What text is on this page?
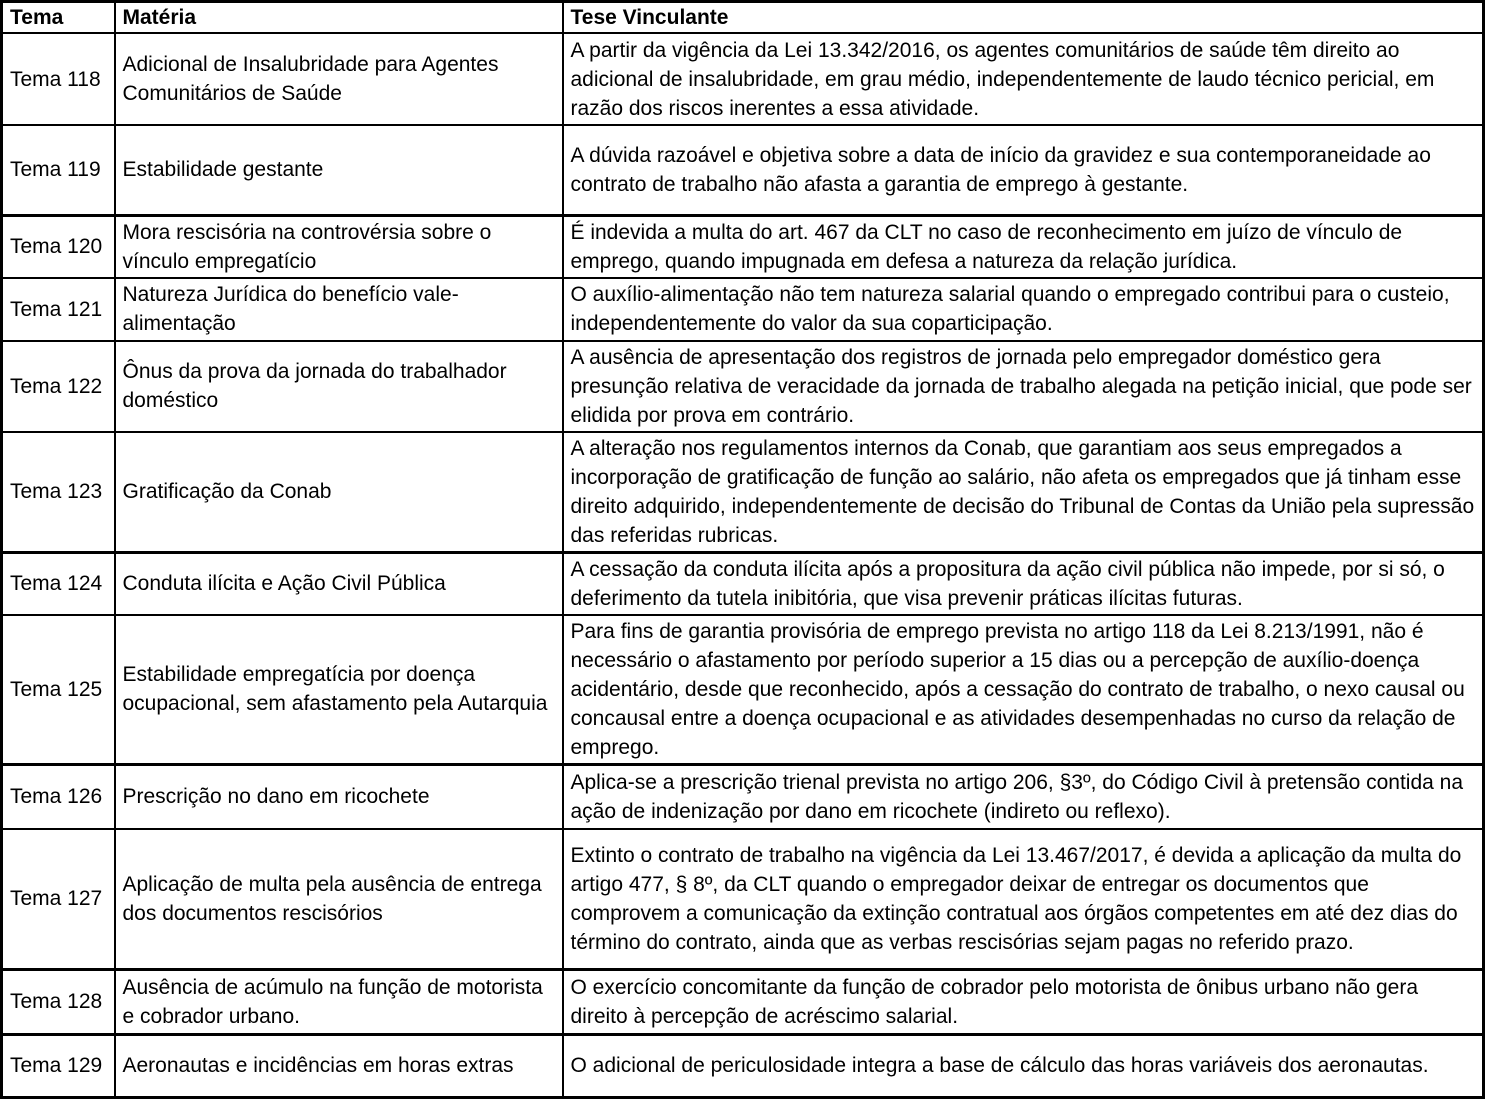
Tema	Matéria	Tese Vinculante
Tema 118	Adicional de Insalubridade para Agentes Comunitários de Saúde	A partir da vigência da Lei 13.342/2016, os agentes comunitários de saúde têm direito ao adicional de insalubridade, em grau médio, independentemente de laudo técnico pericial, em razão dos riscos inerentes a essa atividade.
Tema 119	Estabilidade gestante	A dúvida razoável e objetiva sobre a data de início da gravidez e sua contemporaneidade ao contrato de trabalho não afasta a garantia de emprego à gestante.
Tema 120	Mora rescisória na controvérsia sobre o vínculo empregatício	É indevida a multa do art. 467 da CLT no caso de reconhecimento em juízo de vínculo de emprego, quando impugnada em defesa a natureza da relação jurídica.
Tema 121	Natureza Jurídica do benefício vale-alimentação	O auxílio-alimentação não tem natureza salarial quando o empregado contribui para o custeio, independentemente do valor da sua coparticipação.
Tema 122	Ônus da prova da jornada do trabalhador doméstico	A ausência de apresentação dos registros de jornada pelo empregador doméstico gera presunção relativa de veracidade da jornada de trabalho alegada na petição inicial, que pode ser elidida por prova em contrário.
Tema 123	Gratificação da Conab	A alteração nos regulamentos internos da Conab, que garantiam aos seus empregados a incorporação de gratificação de função ao salário, não afeta os empregados que já tinham esse direito adquirido, independentemente de decisão do Tribunal de Contas da União pela supressão das referidas rubricas.
Tema 124	Conduta ilícita e Ação Civil Pública	A cessação da conduta ilícita após a propositura da ação civil pública não impede, por si só, o deferimento da tutela inibitória, que visa prevenir práticas ilícitas futuras.
Tema 125	Estabilidade empregatícia por doença ocupacional, sem afastamento pela Autarquia	Para fins de garantia provisória de emprego prevista no artigo 118 da Lei 8.213/1991, não é necessário o afastamento por período superior a 15 dias ou a percepção de auxílio-doença acidentário, desde que reconhecido, após a cessação do contrato de trabalho, o nexo causal ou concausal entre a doença ocupacional e as atividades desempenhadas no curso da relação de emprego.
Tema 126	Prescrição no dano em ricochete	Aplica-se a prescrição trienal prevista no artigo 206, §3º, do Código Civil à pretensão contida na ação de indenização por dano em ricochete (indireto ou reflexo).
Tema 127	Aplicação de multa pela ausência de entrega dos documentos rescisórios	Extinto o contrato de trabalho na vigência da Lei 13.467/2017, é devida a aplicação da multa do artigo 477, § 8º, da CLT quando o empregador deixar de entregar os documentos que comprovem a comunicação da extinção contratual aos órgãos competentes em até dez dias do término do contrato, ainda que as verbas rescisórias sejam pagas no referido prazo.
Tema 128	Ausência de acúmulo na função de motorista e cobrador urbano.	O exercício concomitante da função de cobrador pelo motorista de ônibus urbano não gera direito à percepção de acréscimo salarial.
Tema 129	Aeronautas e incidências em horas extras	O adicional de periculosidade integra a base de cálculo das horas variáveis dos aeronautas.
